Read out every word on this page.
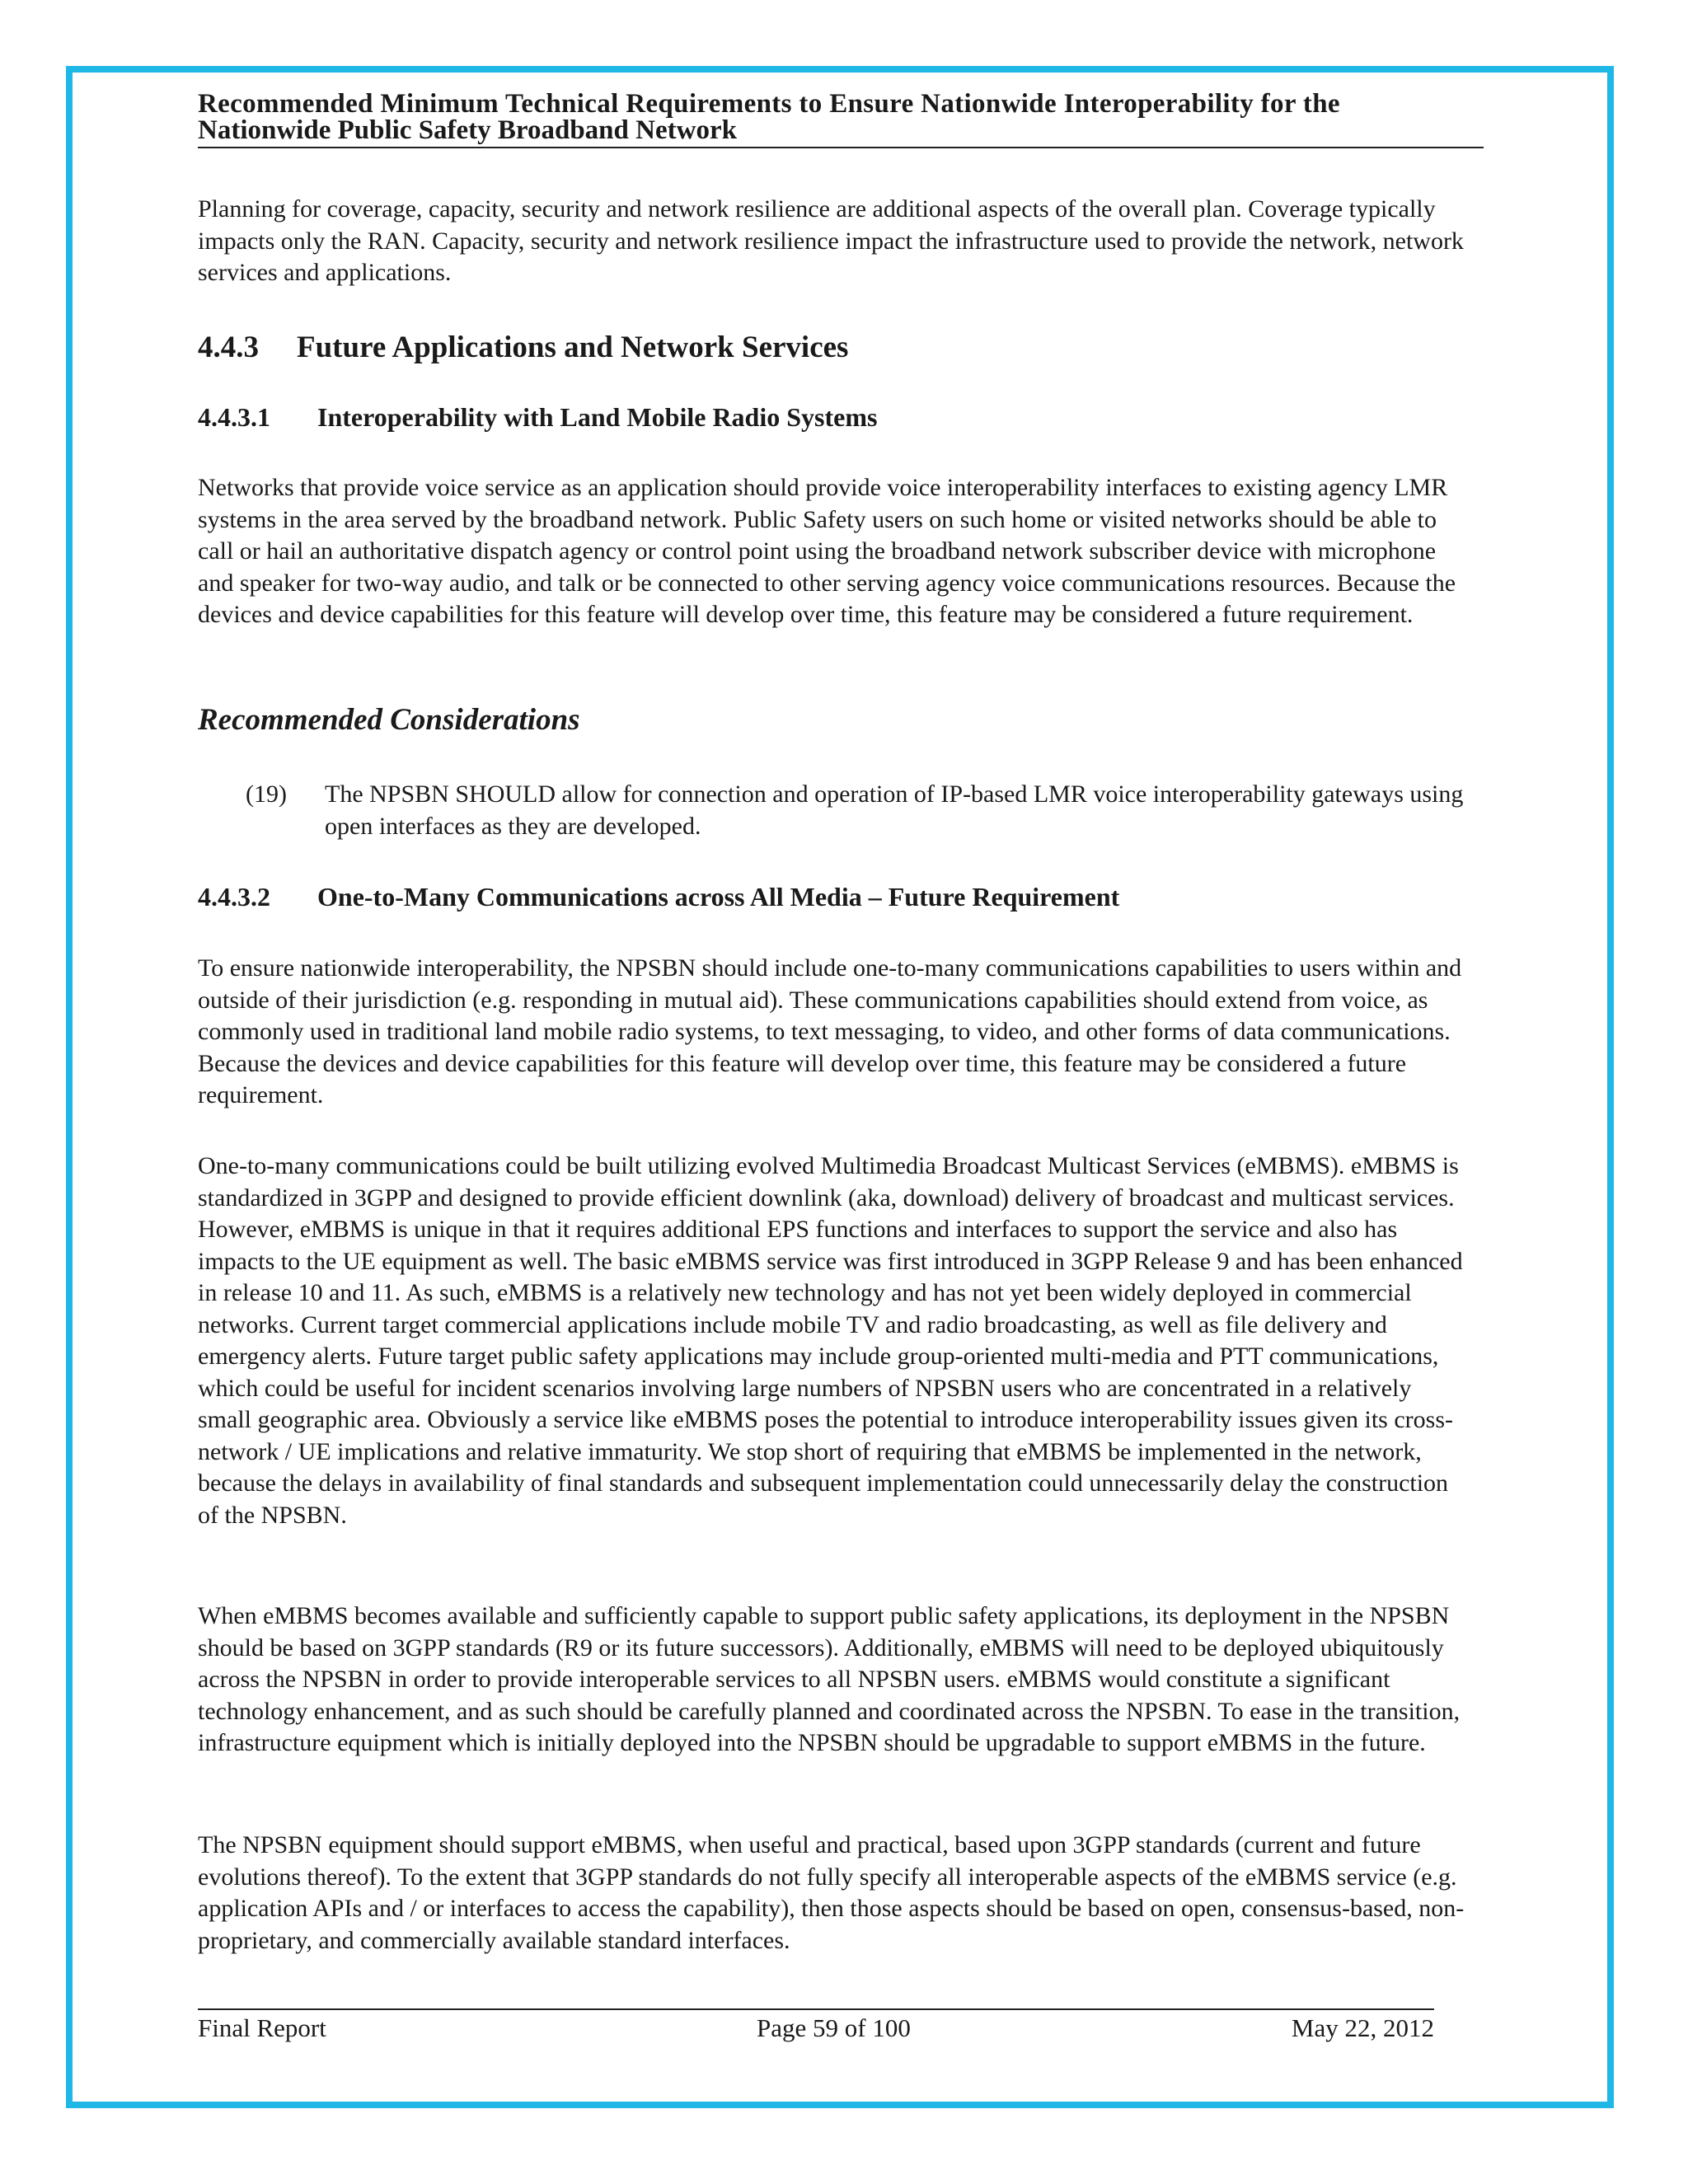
Recommended Minimum Technical Requirements to Ensure Nationwide Interoperability for the
Nationwide Public Safety Broadband Network

Planning for coverage, capacity, security and network resilience are additional aspects of the overall plan. Coverage typically impacts only the RAN. Capacity, security and network resilience impact the infrastructure used to provide the network, network services and applications.

4.4.3 Future Applications and Network Services
4.4.3.1 Interoperability with Land Mobile Radio Systems

Networks that provide voice service as an application should provide voice interoperability interfaces to existing agency LMR systems in the area served by the broadband network. Public Safety users on such home or visited networks should be able to call or hail an authoritative dispatch agency or control point using the broadband network subscriber device with microphone and speaker for two-way audio, and talk or be connected to other serving agency voice communications resources. Because the devices and device capabilities for this feature will develop over time, this feature may be considered a future requirement.

Recommended Considerations
(19) The NPSBN SHOULD allow for connection and operation of IP-based LMR voice interoperability gateways using open interfaces as they are developed.
4.4.3.2 One-to-Many Communications across All Media – Future Requirement

To ensure nationwide interoperability, the NPSBN should include one-to-many communications capabilities to users within and outside of their jurisdiction (e.g. responding in mutual aid). These communications capabilities should extend from voice, as commonly used in traditional land mobile radio systems, to text messaging, to video, and other forms of data communications. Because the devices and device capabilities for this feature will develop over time, this feature may be considered a future requirement.

One-to-many communications could be built utilizing evolved Multimedia Broadcast Multicast Services (eMBMS). eMBMS is standardized in 3GPP and designed to provide efficient downlink (aka, download) delivery of broadcast and multicast services. However, eMBMS is unique in that it requires additional EPS functions and interfaces to support the service and also has impacts to the UE equipment as well. The basic eMBMS service was first introduced in 3GPP Release 9 and has been enhanced in release 10 and 11. As such, eMBMS is a relatively new technology and has not yet been widely deployed in commercial networks. Current target commercial applications include mobile TV and radio broadcasting, as well as file delivery and emergency alerts. Future target public safety applications may include group-oriented multi-media and PTT communications, which could be useful for incident scenarios involving large numbers of NPSBN users who are concentrated in a relatively small geographic area. Obviously a service like eMBMS poses the potential to introduce interoperability issues given its cross-network / UE implications and relative immaturity. We stop short of requiring that eMBMS be implemented in the network, because the delays in availability of final standards and subsequent implementation could unnecessarily delay the construction of the NPSBN.

When eMBMS becomes available and sufficiently capable to support public safety applications, its deployment in the NPSBN should be based on 3GPP standards (R9 or its future successors). Additionally, eMBMS will need to be deployed ubiquitously across the NPSBN in order to provide interoperable services to all NPSBN users. eMBMS would constitute a significant technology enhancement, and as such should be carefully planned and coordinated across the NPSBN. To ease in the transition, infrastructure equipment which is initially deployed into the NPSBN should be upgradable to support eMBMS in the future.

The NPSBN equipment should support eMBMS, when useful and practical, based upon 3GPP standards (current and future evolutions thereof). To the extent that 3GPP standards do not fully specify all interoperable aspects of the eMBMS service (e.g. application APIs and / or interfaces to access the capability), then those aspects should be based on open, consensus-based, non-proprietary, and commercially available standard interfaces.

Final Report	Page 59 of 100	May 22, 2012
